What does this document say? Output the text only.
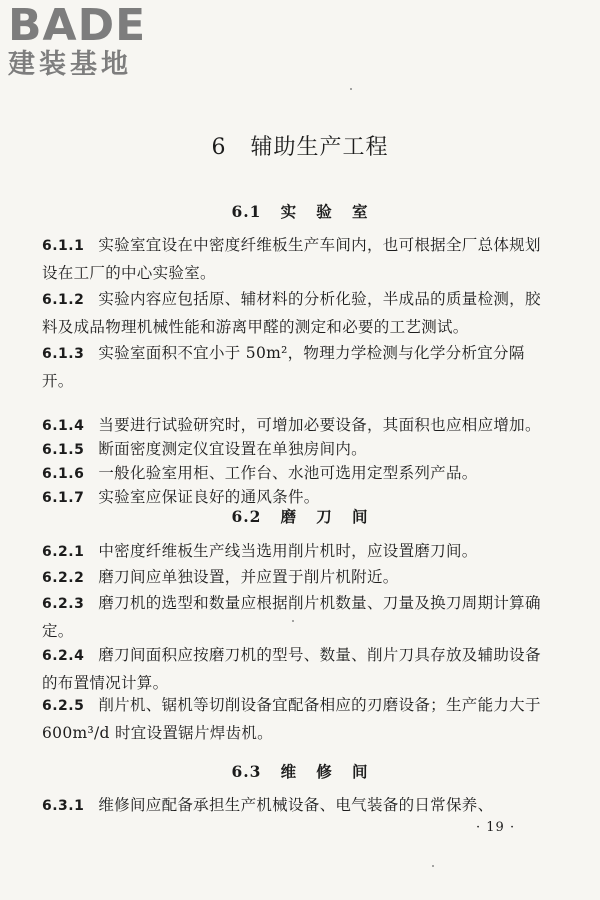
BADE
建装基地
6   辅助生产工程
6.1   实   验   室
6.1.1 实验室宜设在中密度纤维板生产车间内，也可根据全厂总体规划设在工厂的中心实验室。
6.1.2 实验内容应包括原、辅材料的分析化验，半成品的质量检测，胶料及成品物理机械性能和游离甲醛的测定和必要的工艺测试。
6.1.3 实验室面积不宜小于 50m²，物理力学检测与化学分析宜分隔开。
6.1.4 当要进行试验研究时，可增加必要设备，其面积也应相应增加。
6.1.5 断面密度测定仪宜设置在单独房间内。
6.1.6 一般化验室用柜、工作台、水池可选用定型系列产品。
6.1.7 实验室应保证良好的通风条件。
6.2   磨   刀   间
6.2.1 中密度纤维板生产线当选用削片机时，应设置磨刀间。
6.2.2 磨刀间应单独设置，并应置于削片机附近。
6.2.3 磨刀机的选型和数量应根据削片机数量、刀量及换刀周期计算确定。
6.2.4 磨刀间面积应按磨刀机的型号、数量、削片刀具存放及辅助设备的布置情况计算。
6.2.5 削片机、锯机等切削设备宜配备相应的刃磨设备；生产能力大于 600m³/d 时宜设置锯片焊齿机。
6.3   维   修   间
6.3.1 维修间应配备承担生产机械设备、电气装备的日常保养、
· 19 ·
